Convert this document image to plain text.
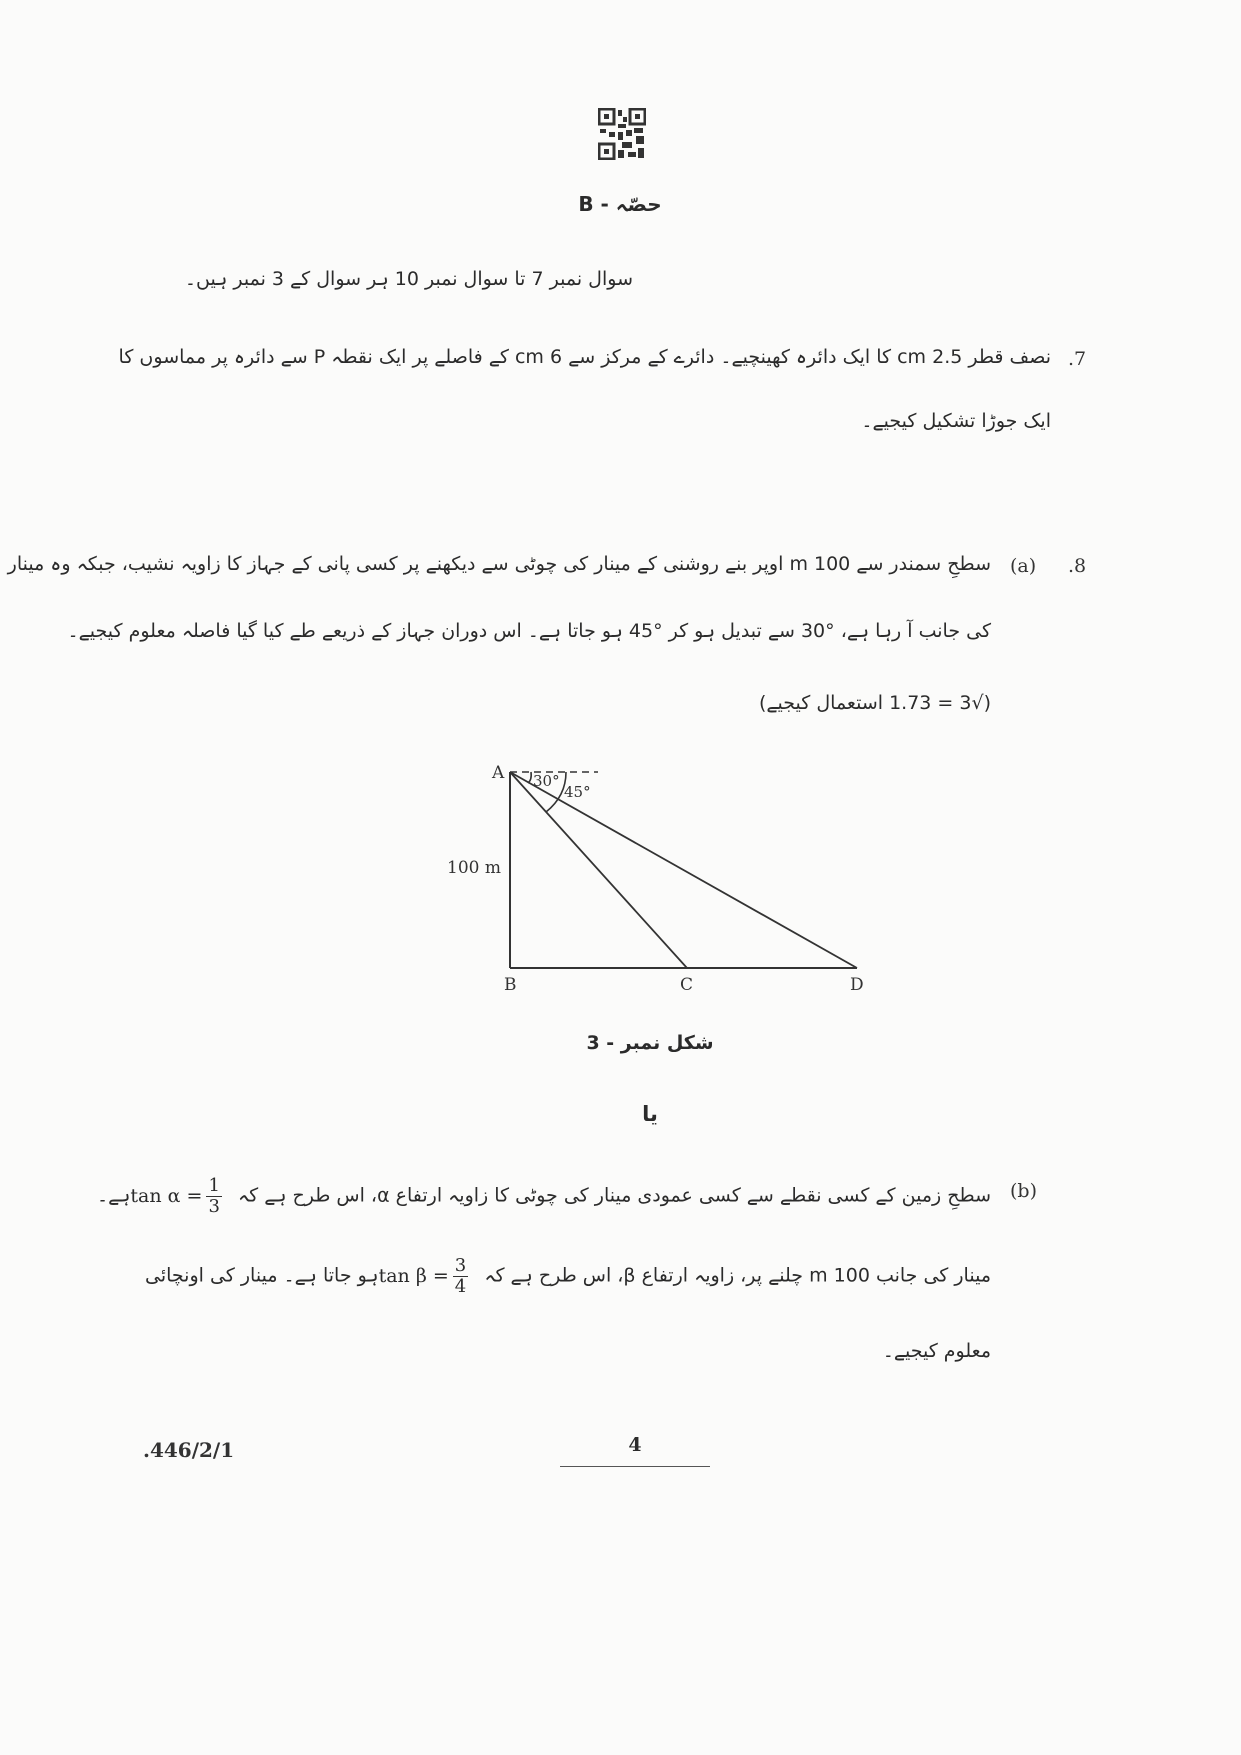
حصّہ - B
سوال نمبر 7 تا سوال نمبر 10 ہر سوال کے 3 نمبر ہیں۔
.7
نصف قطر 2.5 cm کا ایک دائرہ کھینچیے۔ دائرے کے مرکز سے 6 cm کے فاصلے پر ایک نقطہ P سے دائرہ پر مماسوں کا
ایک جوڑا تشکیل کیجیے۔
.8
(a)
سطحِ سمندر سے 100 m اوپر بنے روشنی کے مینار کی چوٹی سے دیکھنے پر کسی پانی کے جہاز کا زاویہ نشیب، جبکہ وہ مینار
کی جانب آ رہا ہے، °30 سے تبدیل ہو کر °45 ہو جاتا ہے۔ اس دوران جہاز کے ذریعے طے کیا گیا فاصلہ معلوم کیجیے۔
(√3 = 1.73 استعمال کیجیے)
A 30°
45°
100 m
B	C	D
شکل نمبر - 3
یا
(b)
سطحِ زمین کے کسی نقطے سے کسی عمودی مینار کی چوٹی کا زاویہ ارتفاع α، اس طرح ہے کہ $\tan \alpha = \frac{1}{3}$
ہے۔
مینار کی جانب 100 m چلنے پر، زاویہ ارتفاع β، اس طرح ہے کہ $\tan \beta = \frac{3}{4}$
ہو جاتا ہے۔ مینار کی اونچائی
معلوم کیجیے۔
.446/2/1	4
